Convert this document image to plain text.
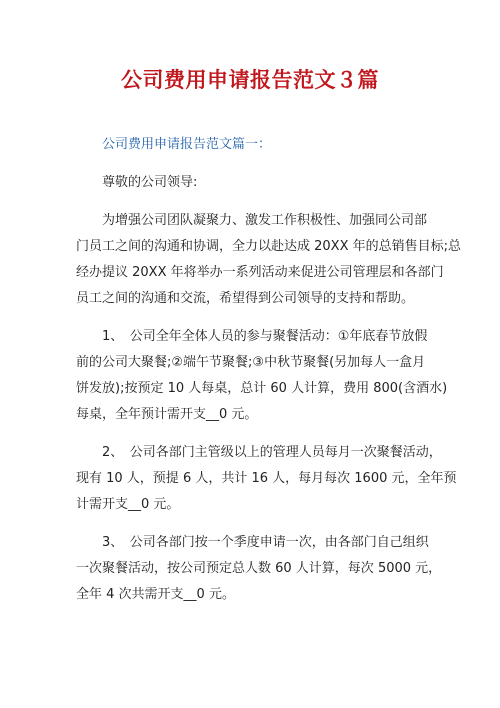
公司费用申请报告范文３篇
公司费用申请报告范文篇一：
尊敬的公司领导:
为增强公司团队凝聚力、激发工作积极性、加强同公司部
门员工之间的沟通和协调，全力以赴达成 20XX 年的总销售目标;总
经办提议 20XX 年将举办一系列活动来促进公司管理层和各部门
员工之间的沟通和交流，希望得到公司领导的支持和帮助。
1、　公司全年全体人员的参与聚餐活动：①年底春节放假
前的公司大聚餐;②端午节聚餐;③中秋节聚餐(另加每人一盒月
饼发放);按预定 10 人每桌，总计 60 人计算，费用 800(含酒水)
每桌，全年预计需开支__0 元。
2、　公司各部门主管级以上的管理人员每月一次聚餐活动，
现有 10 人，预提 6 人，共计 16 人，每月每次 1600 元，全年预
计需开支__0 元。
3、　公司各部门按一个季度申请一次，由各部门自己组织
一次聚餐活动，按公司预定总人数 60 人计算，每次 5000 元，
全年 4 次共需开支__0 元。
